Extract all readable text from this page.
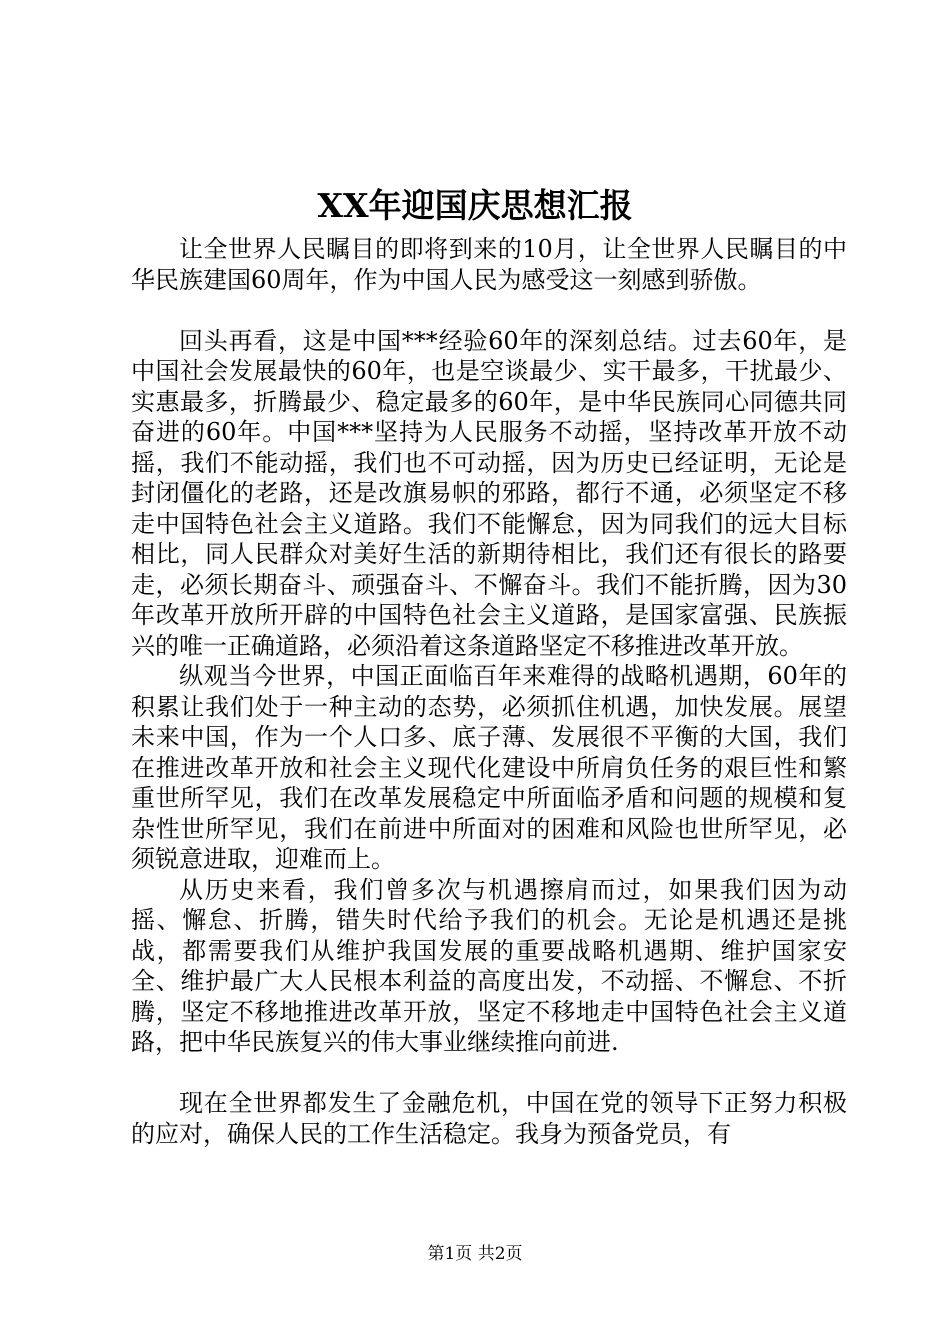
XX年迎国庆思想汇报

让全世界人民瞩目的即将到来的10月，让全世界人民瞩目的中华民族建国60周年，作为中国人民为感受这一刻感到骄傲。

回头再看，这是中国***经验60年的深刻总结。过去60年，是中国社会发展最快的60年，也是空谈最少、实干最多，干扰最少、实惠最多，折腾最少、稳定最多的60年，是中华民族同心同德共同奋进的60年。中国***坚持为人民服务不动摇，坚持改革开放不动摇，我们不能动摇，我们也不可动摇，因为历史已经证明，无论是封闭僵化的老路，还是改旗易帜的邪路，都行不通，必须坚定不移走中国特色社会主义道路。我们不能懈怠，因为同我们的远大目标相比，同人民群众对美好生活的新期待相比，我们还有很长的路要走，必须长期奋斗、顽强奋斗、不懈奋斗。我们不能折腾，因为30年改革开放所开辟的中国特色社会主义道路，是国家富强、民族振兴的唯一正确道路，必须沿着这条道路坚定不移推进改革开放。

纵观当今世界，中国正面临百年来难得的战略机遇期，60年的积累让我们处于一种主动的态势，必须抓住机遇，加快发展。展望未来中国，作为一个人口多、底子薄、发展很不平衡的大国，我们在推进改革开放和社会主义现代化建设中所肩负任务的艰巨性和繁重世所罕见，我们在改革发展稳定中所面临矛盾和问题的规模和复杂性世所罕见，我们在前进中所面对的困难和风险也世所罕见，必须锐意进取，迎难而上。

从历史来看，我们曾多次与机遇擦肩而过，如果我们因为动摇、懈怠、折腾，错失时代给予我们的机会。无论是机遇还是挑战，都需要我们从维护我国发展的重要战略机遇期、维护国家安全、维护最广大人民根本利益的高度出发，不动摇、不懈怠、不折腾，坚定不移地推进改革开放，坚定不移地走中国特色社会主义道路，把中华民族复兴的伟大事业继续推向前进.

现在全世界都发生了金融危机，中国在党的领导下正努力积极的应对，确保人民的工作生活稳定。我身为预备党员，有

第1页 共2页
